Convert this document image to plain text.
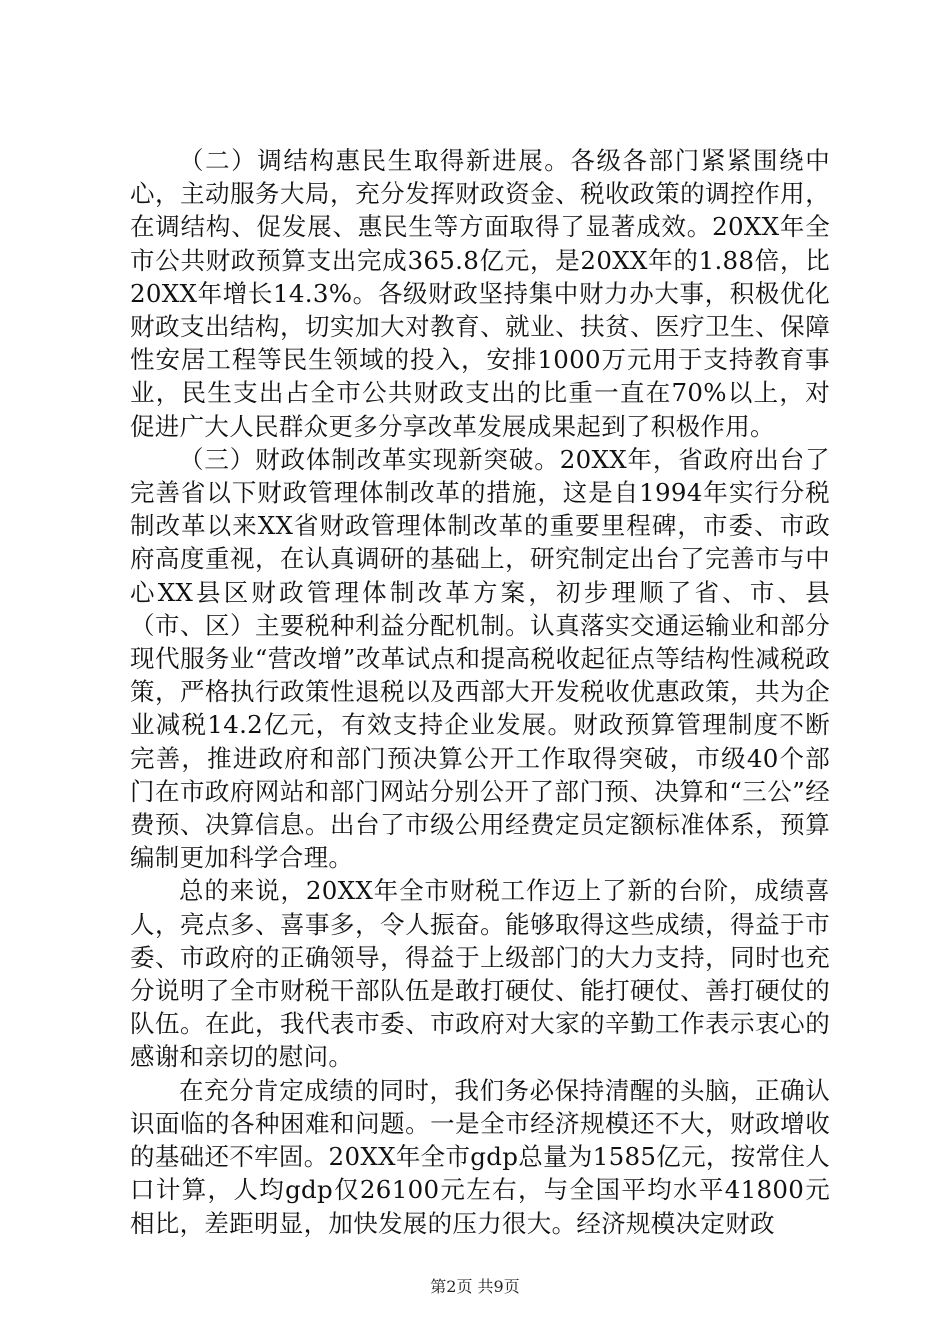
（二）调结构惠民生取得新进展。各级各部门紧紧围绕中心，主动服务大局，充分发挥财政资金、税收政策的调控作用，在调结构、促发展、惠民生等方面取得了显著成效。20XX年全市公共财政预算支出完成365.8亿元，是20XX年的1.88倍，比20XX年增长14.3%。各级财政坚持集中财力办大事，积极优化财政支出结构，切实加大对教育、就业、扶贫、医疗卫生、保障性安居工程等民生领域的投入，安排1000万元用于支持教育事业，民生支出占全市公共财政支出的比重一直在70%以上，对促进广大人民群众更多分享改革发展成果起到了积极作用。

（三）财政体制改革实现新突破。20XX年，省政府出台了完善省以下财政管理体制改革的措施，这是自1994年实行分税制改革以来XX省财政管理体制改革的重要里程碑，市委、市政府高度重视，在认真调研的基础上，研究制定出台了完善市与中心XX县区财政管理体制改革方案，初步理顺了省、市、县（市、区）主要税种利益分配机制。认真落实交通运输业和部分现代服务业“营改增”改革试点和提高税收起征点等结构性减税政策，严格执行政策性退税以及西部大开发税收优惠政策，共为企业减税14.2亿元，有效支持企业发展。财政预算管理制度不断完善，推进政府和部门预决算公开工作取得突破，市级40个部门在市政府网站和部门网站分别公开了部门预、决算和“三公”经费预、决算信息。出台了市级公用经费定员定额标准体系，预算编制更加科学合理。

总的来说，20XX年全市财税工作迈上了新的台阶，成绩喜人，亮点多、喜事多，令人振奋。能够取得这些成绩，得益于市委、市政府的正确领导，得益于上级部门的大力支持，同时也充分说明了全市财税干部队伍是敢打硬仗、能打硬仗、善打硬仗的队伍。在此，我代表市委、市政府对大家的辛勤工作表示衷心的感谢和亲切的慰问。

在充分肯定成绩的同时，我们务必保持清醒的头脑，正确认识面临的各种困难和问题。一是全市经济规模还不大，财政增收的基础还不牢固。20XX年全市gdp总量为1585亿元，按常住人口计算，人均gdp仅26100元左右，与全国平均水平41800元相比，差距明显，加快发展的压力很大。经济规模决定财政

第2页 共9页
